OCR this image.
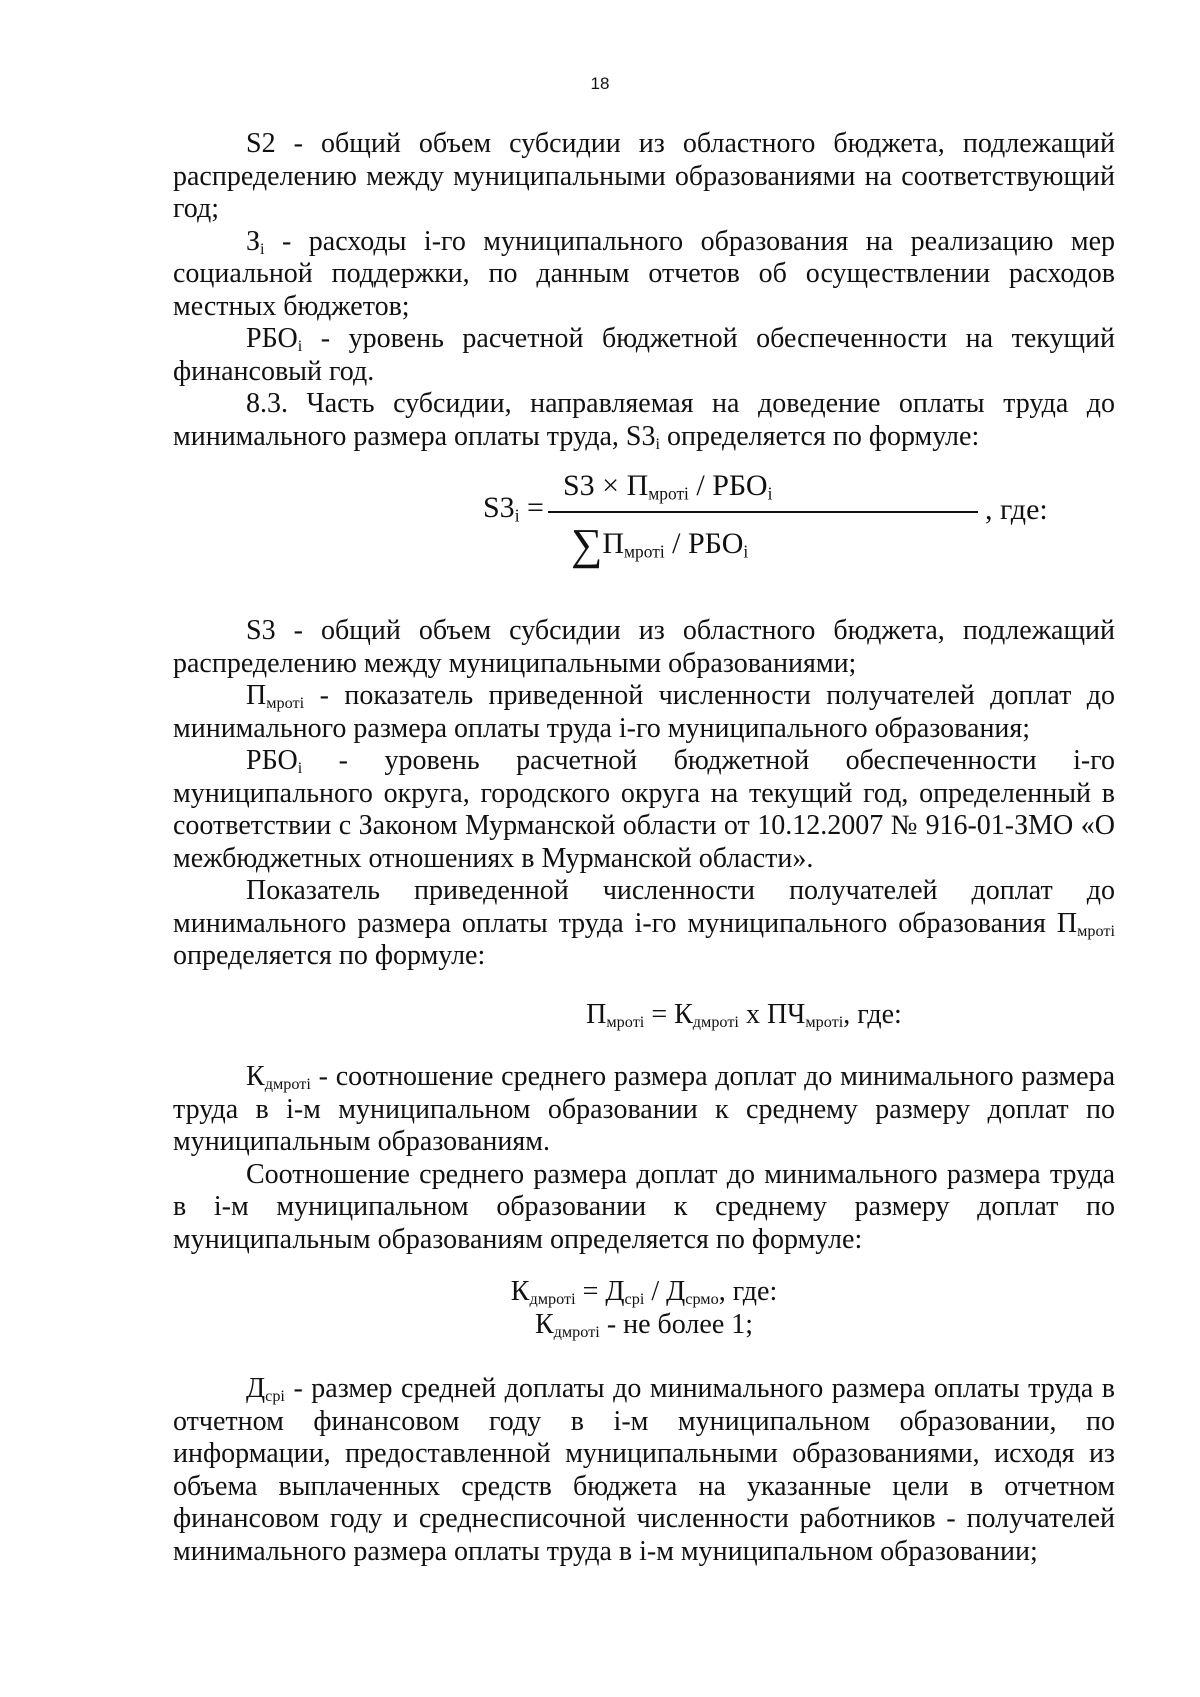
18

S2 - общий объем субсидии из областного бюджета, подлежащий распределению между муниципальными образованиями на соответствующий год;

$З_i$ - расходы i-го муниципального образования на реализацию мер социальной поддержки, по данным отчетов об осуществлении расходов местных бюджетов;

$РБО_i$ - уровень расчетной бюджетной обеспеченности на текущий финансовый год.

8.3. Часть субсидии, направляемая на доведение оплаты труда до минимального размера оплаты труда, $S3_i$ определяется по формуле:

$S3_i$ =
$S3 \times П_{мротi} / РБО_i$
$\sum П_{мротi} / РБО_i$
, где:

S3 - общий объем субсидии из областного бюджета, подлежащий распределению между муниципальными образованиями;

$П_{мротi}$ - показатель приведенной численности получателей доплат до минимального размера оплаты труда i-го муниципального образования;

$РБО_i$ - уровень расчетной бюджетной обеспеченности i-го муниципального округа, городского округа на текущий год, определенный в соответствии с Законом Мурманской области от 10.12.2007 № 916-01-ЗМО «О межбюджетных отношениях в Мурманской области».

Показатель приведенной численности получателей доплат до минимального размера оплаты труда i-го муниципального образования $П_{мротi}$ определяется по формуле:

$П_{мротi} = К_{дмротi}$ х $ПЧ_{мротi}$, где:

$К_{дмротi}$ - соотношение среднего размера доплат до минимального размера труда в i-м муниципальном образовании к среднему размеру доплат по муниципальным образованиям.

Соотношение среднего размера доплат до минимального размера труда в i-м муниципальном образовании к среднему размеру доплат по муниципальным образованиям определяется по формуле:

$К_{дмротi} = Д_{срi} / Д_{срмо}$, где:

$К_{дмротi}$ - не более 1;

$Д_{срi}$ - размер средней доплаты до минимального размера оплаты труда в отчетном финансовом году в i-м муниципальном образовании, по информации, предоставленной муниципальными образованиями, исходя из объема выплаченных средств бюджета на указанные цели в отчетном финансовом году и среднесписочной численности работников - получателей минимального размера оплаты труда в i-м муниципальном образовании;
